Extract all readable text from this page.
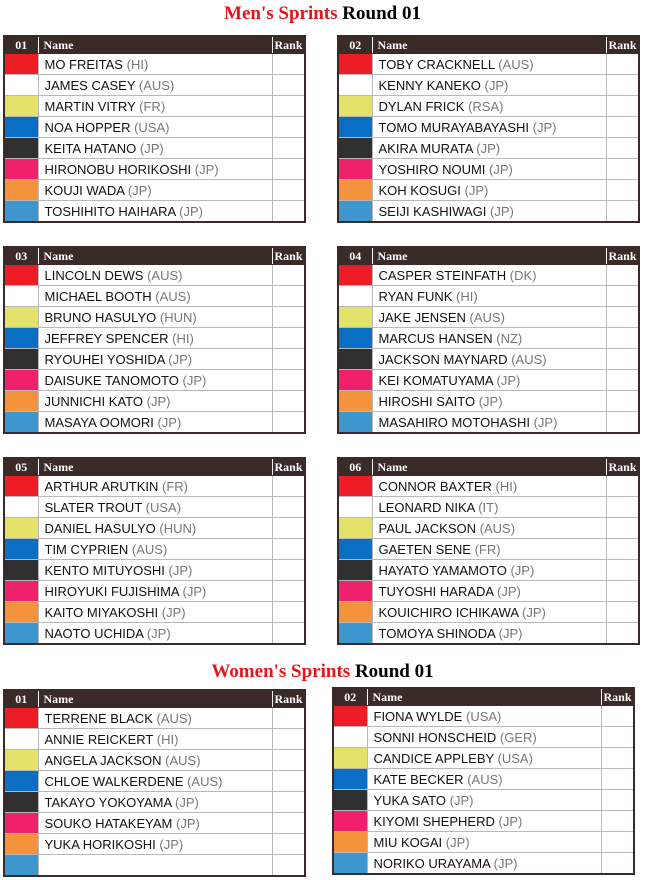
Men's Sprints Round 01
Women's Sprints Round 01
01	Name	Rank
	MO FREITAS (HI)	
	JAMES CASEY (AUS)	
	MARTIN VITRY (FR)	
	NOA HOPPER (USA)	
	KEITA HATANO (JP)	
	HIRONOBU HORIKOSHI (JP)	
	KOUJI WADA (JP)	
	TOSHIHITO HAIHARA (JP)	
02	Name	Rank
	TOBY CRACKNELL (AUS)	
	KENNY KANEKO (JP)	
	DYLAN FRICK (RSA)	
	TOMO MURAYABAYASHI (JP)	
	AKIRA MURATA (JP)	
	YOSHIRO NOUMI (JP)	
	KOH KOSUGI (JP)	
	SEIJI KASHIWAGI (JP)	
03	Name	Rank
	LINCOLN DEWS (AUS)	
	MICHAEL BOOTH (AUS)	
	BRUNO HASULYO (HUN)	
	JEFFREY SPENCER (HI)	
	RYOUHEI YOSHIDA (JP)	
	DAISUKE TANOMOTO (JP)	
	JUNNICHI KATO (JP)	
	MASAYA OOMORI (JP)	
04	Name	Rank
	CASPER STEINFATH (DK)	
	RYAN FUNK (HI)	
	JAKE JENSEN (AUS)	
	MARCUS HANSEN (NZ)	
	JACKSON MAYNARD (AUS)	
	KEI KOMATUYAMA (JP)	
	HIROSHI SAITO (JP)	
	MASAHIRO MOTOHASHI (JP)	
05	Name	Rank
	ARTHUR ARUTKIN (FR)	
	SLATER TROUT (USA)	
	DANIEL HASULYO (HUN)	
	TIM CYPRIEN (AUS)	
	KENTO MITUYOSHI (JP)	
	HIROYUKI FUJISHIMA (JP)	
	KAITO MIYAKOSHI (JP)	
	NAOTO UCHIDA (JP)	
06	Name	Rank
	CONNOR BAXTER (HI)	
	LEONARD NIKA (IT)	
	PAUL JACKSON (AUS)	
	GAETEN SENE (FR)	
	HAYATO YAMAMOTO (JP)	
	TUYOSHI HARADA (JP)	
	KOUICHIRO ICHIKAWA (JP)	
	TOMOYA SHINODA (JP)	
01	Name	Rank
	TERRENE BLACK (AUS)	
	ANNIE REICKERT (HI)	
	ANGELA JACKSON (AUS)	
	CHLOE WALKERDENE (AUS)	
	TAKAYO YOKOYAMA (JP)	
	SOUKO HATAKEYAM (JP)	
	YUKA HORIKOSHI (JP)	

02	Name	Rank
	FIONA WYLDE (USA)	
	SONNI HONSCHEID (GER)	
	CANDICE APPLEBY (USA)	
	KATE BECKER (AUS)	
	YUKA SATO (JP)	
	KIYOMI SHEPHERD (JP)	
	MIU KOGAI (JP)	
	NORIKO URAYAMA (JP)	
